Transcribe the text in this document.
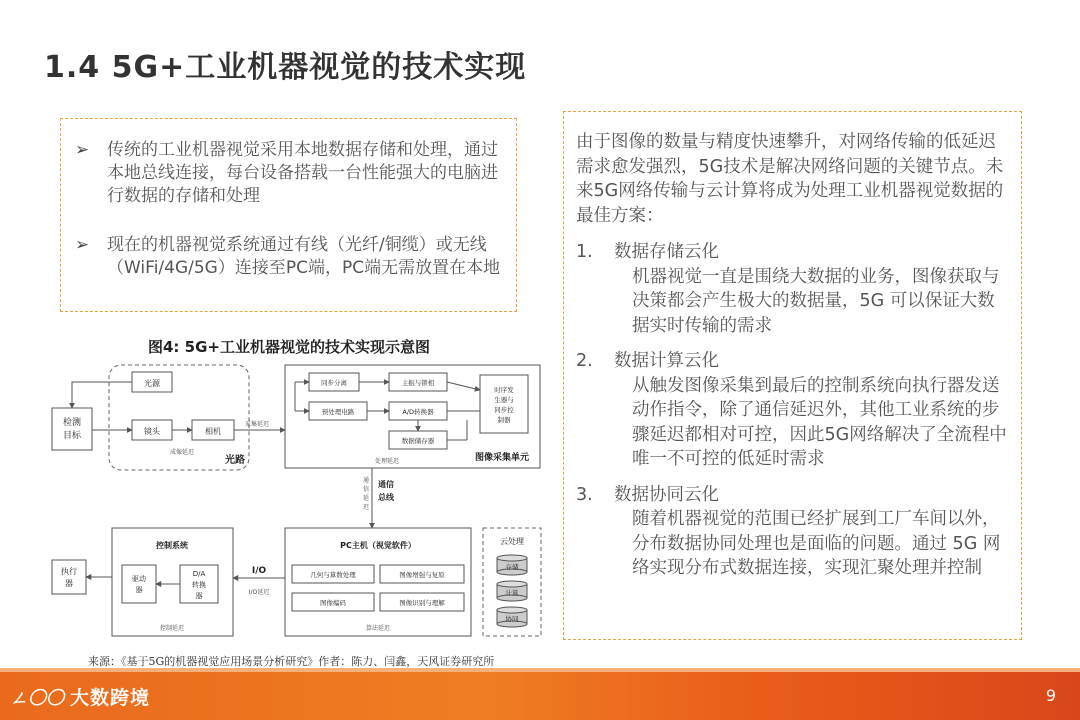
1.4 5G+工业机器视觉的技术实现
➢	传统的工业机器视觉采用本地数据存储和处理，通过本地总线连接，每台设备搭载一台性能强大的电脑进行数据的存储和处理
➢	现在的机器视觉系统通过有线（光纤/铜缆）或无线（WiFi/4G/5G）连接至PC端，PC端无需放置在本地
由于图像的数量与精度快速攀升，对网络传输的低延迟需求愈发强烈，5G技术是解决网络问题的关键节点。未来5G网络传输与云计算将成为处理工业机器视觉数据的最佳方案：
1.	数据存储云化
机器视觉一直是围绕大数据的业务，图像获取与决策都会产生极大的数据量，5G 可以保证大数据实时传输的需求
2.	数据计算云化
从触发图像采集到最后的控制系统向执行器发送动作指令，除了通信延迟外，其他工业系统的步骤延迟都相对可控，因此5G网络解决了全流程中唯一不可控的低延时需求
3.	数据协同云化
随着机器视觉的范围已经扩展到工厂车间以外，分布数据协同处理也是面临的问题。通过 5G 网络实现分布式数据连接，实现汇聚处理并控制
图4: 5G+工业机器视觉的技术实现示意图
光路
检测
目标
光源
镜头	相机
成像延迟
采集延迟
同步分离
预处理电路
主振与锁相
A/D转换器
数据储存器
时序发
生器与
同步控
制器
处理延迟	图像采集单元
通
信
延
迟
通信
总线
PC主机（视觉软件）
几何与算数处理	图像增强与复原
图像编码	图像识别与理解
算法延迟
云处理
存储
计算
协同
I/O
I/O延迟
控制系统
驱动
器
D/A
转换
器
控制延迟
执行
器
来源：《基于5G的机器视觉应用场景分析研究》作者：陈力、闫鑫，天风证券研究所
ㄥ〇〇 大数跨境	9
